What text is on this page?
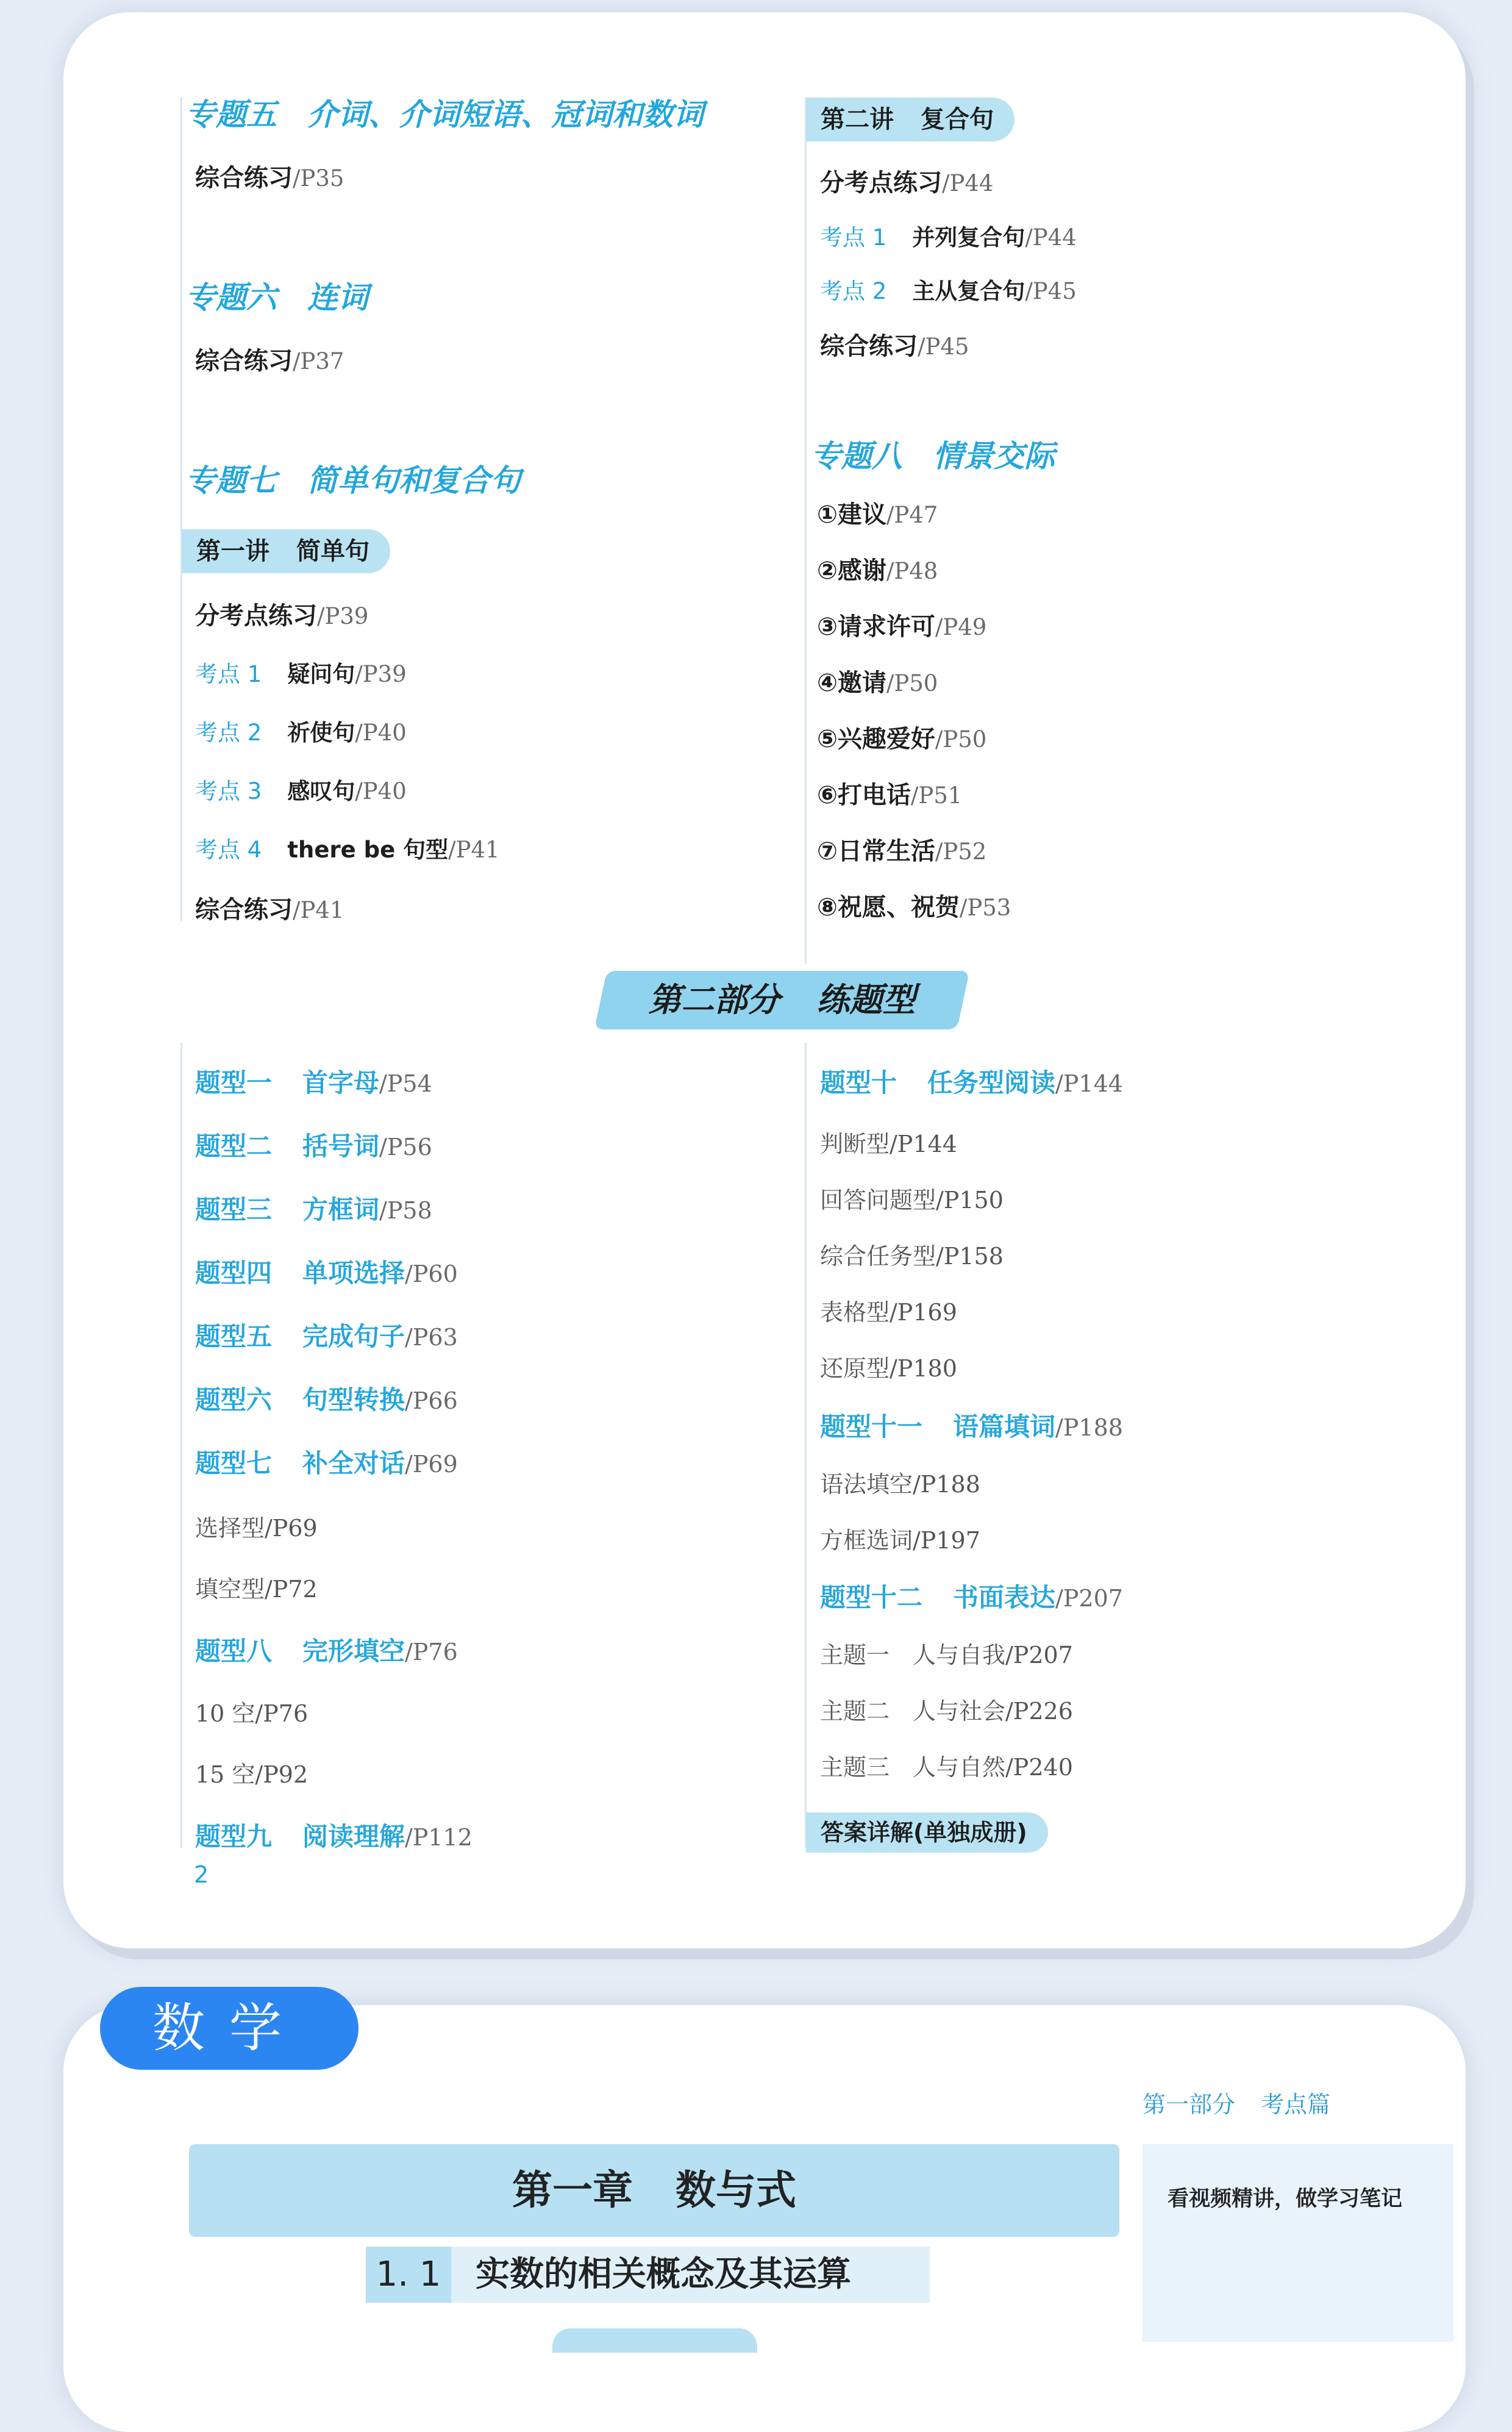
专题五 介词、介词短语、冠词和数词
综合练习/P35
专题六 连词
综合练习/P37
专题七 简单句和复合句
第一讲 简单句
分考点练习/P39
考点 1 疑问句/P39
考点 2 祈使句/P40
考点 3 感叹句/P40
考点 4 there be 句型/P41
综合练习/P41
第二讲 复合句
分考点练习/P44
考点 1 并列复合句/P44
考点 2 主从复合句/P45
综合练习/P45
专题八 情景交际
①建议/P47
②感谢/P48
③请求许可/P49
④邀请/P50
⑤兴趣爱好/P50
⑥打电话/P51
⑦日常生活/P52
⑧祝愿、祝贺/P53
第二部分 练题型
题型一 首字母/P54
题型二 括号词/P56
题型三 方框词/P58
题型四 单项选择/P60
题型五 完成句子/P63
题型六 句型转换/P66
题型七 补全对话/P69
选择型/P69
填空型/P72
题型八 完形填空/P76
10 空/P76
15 空/P92
题型九 阅读理解/P112
题型十 任务型阅读/P144
判断型/P144
回答问题型/P150
综合任务型/P158
表格型/P169
还原型/P180
题型十一 语篇填词/P188
语法填空/P188
方框选词/P197
题型十二 书面表达/P207
主题一　人与自我/P207
主题二　人与社会/P226
主题三　人与自然/P240
答案详解(单独成册)
2
数学
第一部分 考点篇
第一章 数与式	看视频精讲，做学习笔记
1. 1 实数的相关概念及其运算
